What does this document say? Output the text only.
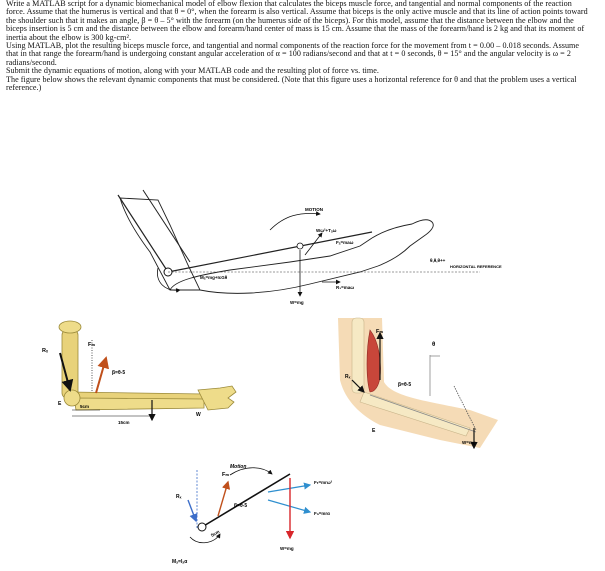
Write a MATLAB script for a dynamic biomechanical model of elbow flexion that calculates the biceps muscle force, and tangential and normal components of the reaction force. Assume that the humerus is vertical and that θ = 0°, when the forearm is also vertical. Assume that biceps is the only active muscle and that its line of action points toward the shoulder such that it makes an angle, β = θ – 5° with the forearm (on the humerus side of the biceps). For this model, assume that the distance between the elbow and the biceps insertion is 5 cm and the distance between the elbow and forearm/hand center of mass is 15 cm. Assume that the mass of the forearm/hand is 2 kg and that its moment of inertia about the elbow is 300 kg-cm².

Using MATLAB, plot the resulting biceps muscle force, and tangential and normal components of the reaction force for the movement from t = 0.00 – 0.018 seconds. Assume that in that range the forearm/hand is undergoing constant angular acceleration of α = 100 radians/second and that at t = 0 seconds, θ = 15° and the angular velocity is ω = 2 radians/second.

Submit the dynamic equations of motion, along with your MATLAB code and the resulting plot of force vs. time.

The figure below shows the relevant dynamic components that must be considered. (Note that this figure uses a horizontal reference for θ and that the problem uses a vertical reference.)

MOTION
HORIZONTAL REFERENCE
θ,θ,θ++
Wω²+Tₐω
Fₐ=maω
Mₐ=mg+IcGθ
R₁=maω
W=mg
Rₓ
Fₘ
β=θ-5
E	5cm
15cm
W
Fₘ
θ
Rₓ
β=θ-5
E
W=mg
Motion
Fₘ
Rₓ
β=θ-5
Fₜ=mrω²
Fₙ=mrα
5cm
Mₐ=Iₐα
W=mg
